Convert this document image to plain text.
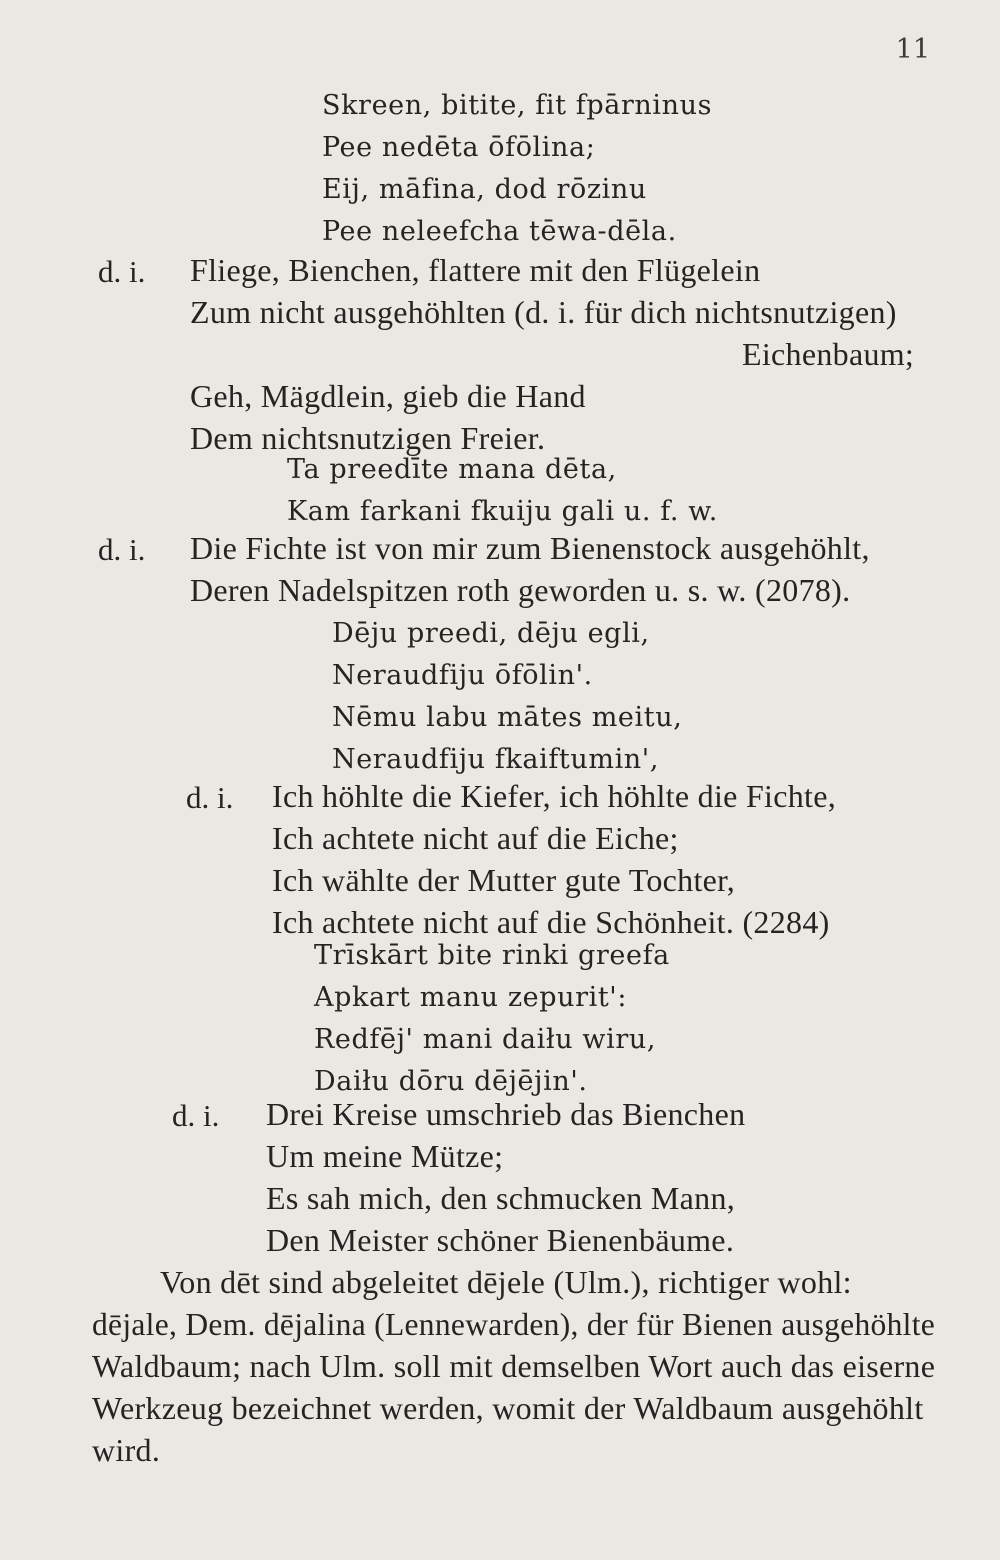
11
Skreen, bitite, fit fpārninus
Pee nedēta ōfōlina;
Eij, māfina, dod rōzinu
Pee neleefcha tēwa-dēla.
d. i. Fliege, Bienchen, flattere mit den Flügelein
Zum nicht ausgehöhlten (d. i. für dich nichtsnutzigen)
Eichenbaum;
Geh, Mägdlein, gieb die Hand
Dem nichtsnutzigen Freier.
Ta preedīte mana dēta,
Kam farkani fkuiju gali u. f. w.
d. i. Die Fichte ist von mir zum Bienenstock ausgehöhlt,
Deren Nadelspitzen roth geworden u. s. w. (2078).
Dēju preedi, dēju egli,
Neraudfiju ōfōlin'.
Nēmu labu mātes meitu,
Neraudfiju fkaiftumin',
d. i. Ich höhlte die Kiefer, ich höhlte die Fichte,
Ich achtete nicht auf die Eiche;
Ich wählte der Mutter gute Tochter,
Ich achtete nicht auf die Schönheit. (2284)
Trīskārt bite rinki greefa
Apkart manu zepurit':
Redfēj' mani daiłu wiru,
Daiłu dōru dējējin'.
d. i. Drei Kreise umschrieb das Bienchen
Um meine Mütze;
Es sah mich, den schmucken Mann,
Den Meister schöner Bienenbäume.
Von dēt sind abgeleitet dējele (Ulm.), richtiger wohl:
dējale, Dem. dējalina (Lennewarden), der für Bienen ausgehöhlte
Waldbaum; nach Ulm. soll mit demselben Wort auch das eiserne
Werkzeug bezeichnet werden, womit der Waldbaum ausgehöhlt
wird.
